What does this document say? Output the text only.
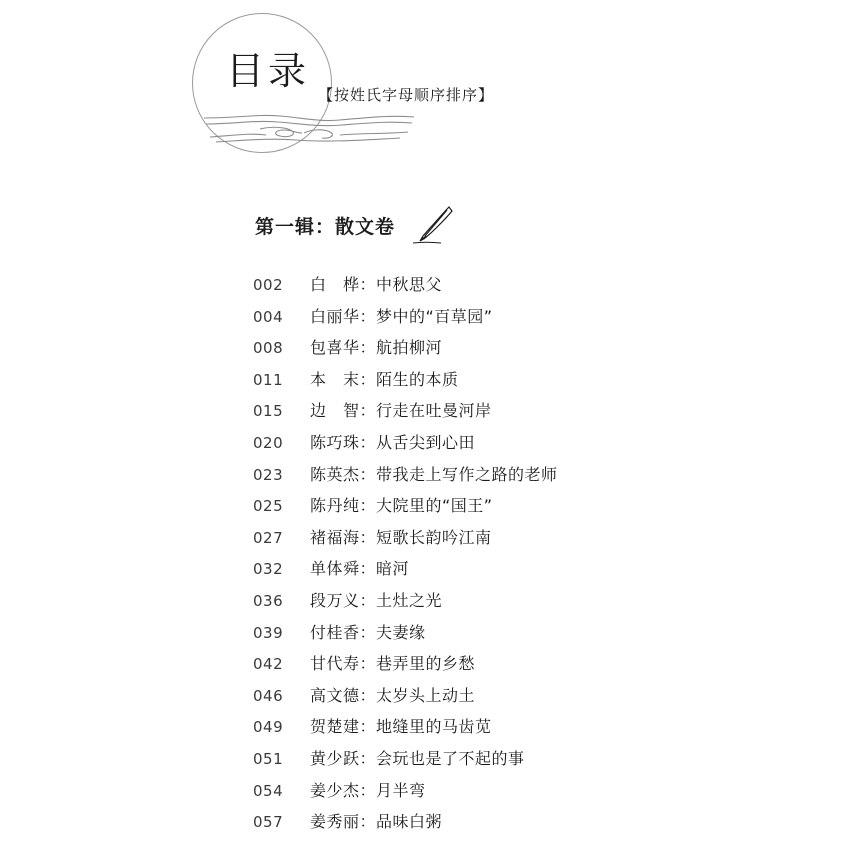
目录
【按姓氏字母顺序排序】
第一辑：散文卷
002	白　桦：中秋思父
004	白丽华：梦中的“百草园”
008	包喜华：航拍柳河
011	本　末：陌生的本质
015	边　智：行走在吐曼河岸
020	陈巧珠：从舌尖到心田
023	陈英杰：带我走上写作之路的老师
025	陈丹纯：大院里的“国王”
027	褚福海：短歌长韵吟江南
032	单体舜：暗河
036	段万义：土灶之光
039	付桂香：夫妻缘
042	甘代寿：巷弄里的乡愁
046	高文德：太岁头上动土
049	贺楚建：地缝里的马齿苋
051	黄少跃：会玩也是了不起的事
054	姜少杰：月半弯
057	姜秀丽：品味白粥
